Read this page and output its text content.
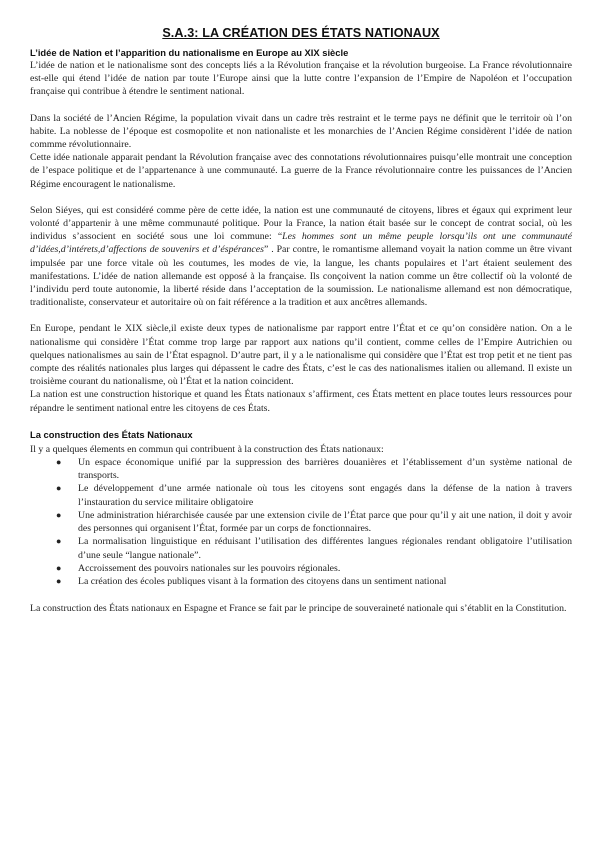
S.A.3: LA CRÉATION DES ÉTATS NATIONAUX
L’idée de Nation et l’apparition du nationalisme en Europe au XIX siècle

L’idée de nation et le nationalisme sont des concepts liés a la Révolution française et la révolution burgeoise. La France révolutionnaire est-elle qui étend l’idée de nation par toute l’Europe ainsi que la lutte contre l’expansion de l’Empire de Napoléon et l’occupation française qui contribue à étendre le sentiment national.

Dans la société de l’Ancien Régime, la population vivait dans un cadre très restraint et le terme pays ne définit que le territoir où l’on habite. La noblesse de l’époque est cosmopolite et non nationaliste et les monarchies de l’Ancien Régime considèrent l’idée de nation commme révolutionnaire.

Cette idée nationale apparait pendant la Révolution française avec des connotations révolutionnaires puisqu’elle montrait une conception de l’espace politique et de l’appartenance à une communauté. La guerre de la France révolutionnaire contre les puissances de l’Ancien Régime encouragent le nationalisme.

Selon Siéyes, qui est considéré comme père de cette idée, la nation est une communauté de citoyens, libres et égaux qui expriment leur volonté d’appartenir à une même communauté politique. Pour la France, la nation était basée sur le concept de contrat social, où les individus s’associent en société sous une loi commune: “Les hommes sont un même peuple lorsqu’ils ont une communauté d’idées,d’intérets,d’affections de souvenirs et d’éspérances” . Par contre, le romantisme allemand voyait la nation comme un être vivant impulsée par une force vitale où les coutumes, les modes de vie, la langue, les chants populaires et l’art étaient seulement des manifestations. L’idée de nation allemande est opposé à la française. Ils conçoivent la nation comme un être collectif où la volonté de l’individu perd toute autonomie, la liberté réside dans l’acceptation de la soumission. Le nationalisme allemand est non démocratique, traditionaliste, conservateur et autoritaire où on fait référence a la tradition et aux ancêtres allemands.

En Europe, pendant le XIX siècle,il existe deux types de nationalisme par rapport entre l’État et ce qu’on considère nation. On a le nationalisme qui considère l’État comme trop large par rapport aux nations qu’il contient, comme celles de l’Empire Autrichien ou quelques nationalismes au sain de l’État espagnol. D’autre part, il y a le nationalisme qui considère que l’État est trop petit et ne tient pas compte des réalités nationales plus larges qui dépassent le cadre des États, c’est le cas des nationalismes italien ou allemand. Il existe un troisième courant du nationalisme, où l’État et la nation coincident.

La nation est une construction historique et quand les États nationaux s’affirment, ces États mettent en place toutes leurs ressources pour répandre le sentiment national entre les citoyens de ces États.

La construction des États Nationaux

Il y a quelques élements en commun qui contribuent à la construction des États nationaux:

● Un espace économique unifié par la suppression des barrières douanières et l’établissement d’un système national de transports.
● Le développement d’une armée nationale où tous les citoyens sont engagés dans la défense de la nation à travers l’instauration du service militaire obligatoire
● Une administration hiérarchisée causée par une extension civile de l’État parce que pour qu’il y ait une nation, il doit y avoir des personnes qui organisent l’État, formée par un corps de fonctionnaires.
● La normalisation linguistique en réduisant l’utilisation des différentes langues régionales rendant obligatoire l’utilisation d’une seule “langue nationale”.
● Accroissement des pouvoirs nationales sur les pouvoirs régionales.
● La création des écoles publiques visant à la formation des citoyens dans un sentiment national

La construction des États nationaux en Espagne et France se fait par le principe de souveraineté nationale qui s’établit en la Constitution.
